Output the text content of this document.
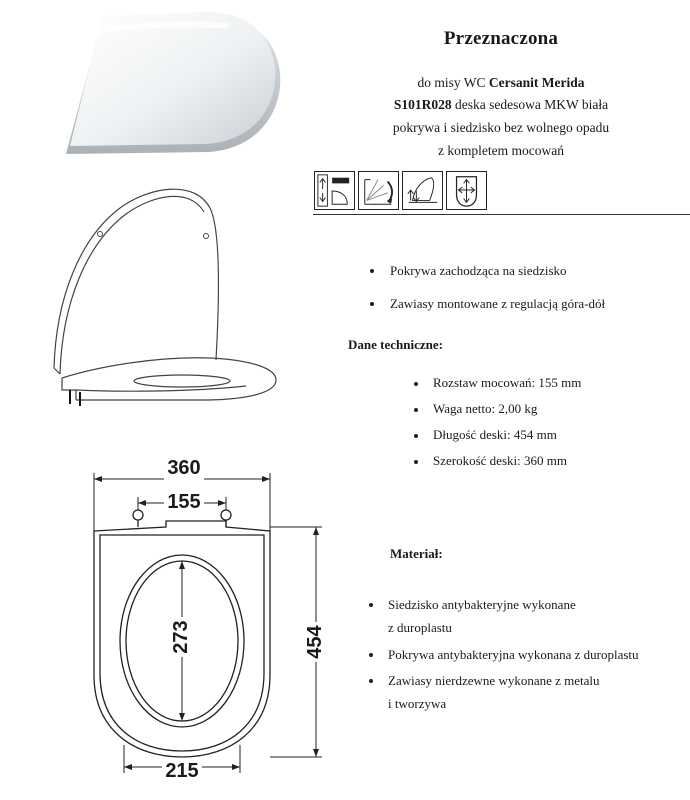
360
155
273	454
215
Przeznaczona
do misy WC Cersanit Merida
S101R028 deska sedesowa MKW biała
pokrywa i siedzisko bez wolnego opadu
z kompletem mocowań
Pokrywa zachodząca na siedzisko
Zawiasy montowane z regulacją góra-dół
Dane techniczne:
Rozstaw mocowań: 155 mm
Waga netto: 2,00 kg
Długość deski: 454 mm
Szerokość deski: 360 mm
Materiał:
Siedzisko antybakteryjne wykonane
z duroplastu
Pokrywa antybakteryjna wykonana z duroplastu
Zawiasy nierdzewne wykonane z metalu
i tworzywa
